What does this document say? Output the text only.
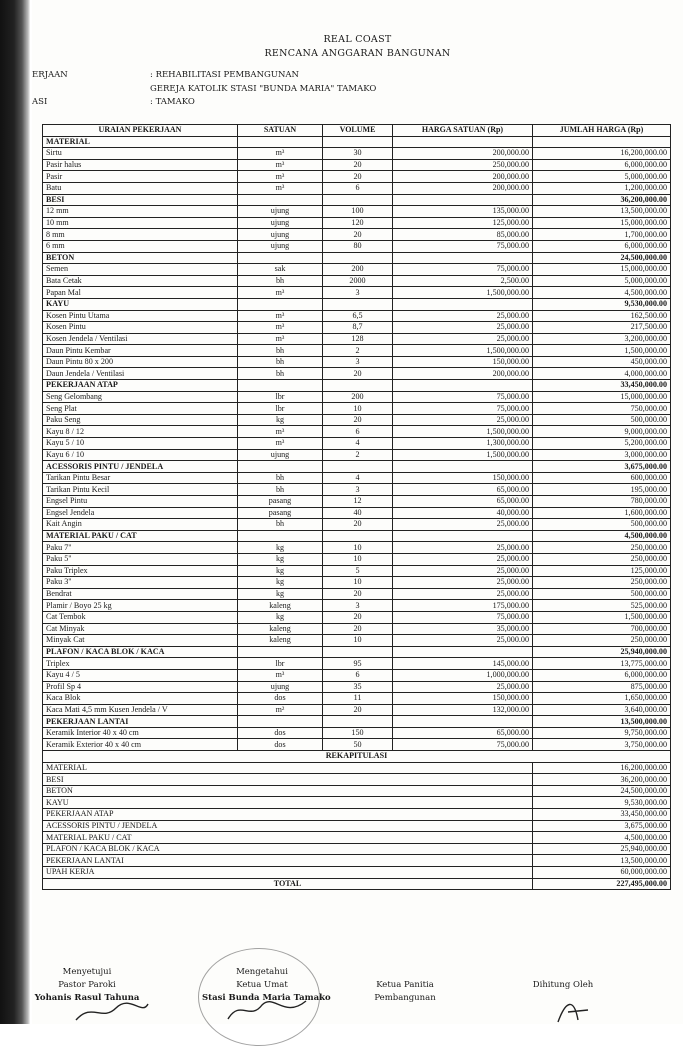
REAL COAST
RENCANA ANGGARAN BANGUNAN
ERJAAN	: REHABILITASI PEMBANGUNAN
GEREJA KATOLIK STASI "BUNDA MARIA" TAMAKO
ASI	: TAMAKO
URAIAN PEKERJAAN	SATUAN	VOLUME	HARGA SATUAN (Rp)	JUMLAH HARGA (Rp)
MATERIAL				
Sirtu	m³	30	200,000.00	16,200,000.00
Pasir halus	m³	20	250,000.00	6,000,000.00
Pasir	m³	20	200,000.00	5,000,000.00
Batu	m³	6	200,000.00	1,200,000.00
BESI				36,200,000.00
12 mm	ujung	100	135,000.00	13,500,000.00
10 mm	ujung	120	125,000.00	15,000,000.00
8 mm	ujung	20	85,000.00	1,700,000.00
6 mm	ujung	80	75,000.00	6,000,000.00
BETON				24,500,000.00
Semen	sak	200	75,000.00	15,000,000.00
Bata Cetak	bh	2000	2,500.00	5,000,000.00
Papan Mal	m³	3	1,500,000.00	4,500,000.00
KAYU				9,530,000.00
Kosen Pintu Utama	m³	6,5	25,000.00	162,500.00
Kosen Pintu	m³	8,7	25,000.00	217,500.00
Kosen Jendela / Ventilasi	m³	128	25,000.00	3,200,000.00
Daun Pintu Kembar	bh	2	1,500,000.00	1,500,000.00
Daun Pintu 80 x 200	bh	3	150,000.00	450,000.00
Daun Jendela / Ventilasi	bh	20	200,000.00	4,000,000.00
PEKERJAAN ATAP				33,450,000.00
Seng Gelombang	lbr	200	75,000.00	15,000,000.00
Seng Plat	lbr	10	75,000.00	750,000.00
Paku Seng	kg	20	25,000.00	500,000.00
Kayu 8 / 12	m³	6	1,500,000.00	9,000,000.00
Kayu 5 / 10	m³	4	1,300,000.00	5,200,000.00
Kayu 6 / 10	ujung	2	1,500,000.00	3,000,000.00
ACESSORIS PINTU / JENDELA				3,675,000.00
Tarikan Pintu Besar	bh	4	150,000.00	600,000.00
Tarikan Pintu Kecil	bh	3	65,000.00	195,000.00
Engsel Pintu	pasang	12	65,000.00	780,000.00
Engsel Jendela	pasang	40	40,000.00	1,600,000.00
Kait Angin	bh	20	25,000.00	500,000.00
MATERIAL PAKU / CAT				4,500,000.00
Paku 7"	kg	10	25,000.00	250,000.00
Paku 5"	kg	10	25,000.00	250,000.00
Paku Triplex	kg	5	25,000.00	125,000.00
Paku 3"	kg	10	25,000.00	250,000.00
Bendrat	kg	20	25,000.00	500,000.00
Plamir / Boyo 25 kg	kaleng	3	175,000.00	525,000.00
Cat Tembok	kg	20	75,000.00	1,500,000.00
Cat Minyak	kaleng	20	35,000.00	700,000.00
Minyak Cat	kaleng	10	25,000.00	250,000.00
PLAFON / KACA BLOK / KACA				25,940,000.00
Triplex	lbr	95	145,000.00	13,775,000.00
Kayu 4 / 5	m³	6	1,000,000.00	6,000,000.00
Profil Sp 4	ujung	35	25,000.00	875,000.00
Kaca Blok	dos	11	150,000.00	1,650,000.00
Kaca Mati 4,5 mm Kusen Jendela / V	m²	20	132,000.00	3,640,000.00
PEKERJAAN LANTAI				13,500,000.00
Keramik Interior 40 x 40 cm	dos	150	65,000.00	9,750,000.00
Keramik Exterior 40 x 40 cm	dos	50	75,000.00	3,750,000.00
REKAPITULASI				
MATERIAL				16,200,000.00
BESI				36,200,000.00
BETON				24,500,000.00
KAYU				9,530,000.00
PEKERJAAN ATAP				33,450,000.00
ACESSORIS PINTU / JENDELA				3,675,000.00
MATERIAL PAKU / CAT				4,500,000.00
PLAFON / KACA BLOK / KACA				25,940,000.00
PEKERJAAN LANTAI				13,500,000.00
UPAH KERJA				60,000,000.00
TOTAL				227,495,000.00
Menyetujui
Pastor Paroki
Yohanis Rasul Tahuna
Mengetahui
Ketua Umat
Stasi Bunda Maria Tamako
Ketua Panitia
Pembangunan
Dihitung Oleh
